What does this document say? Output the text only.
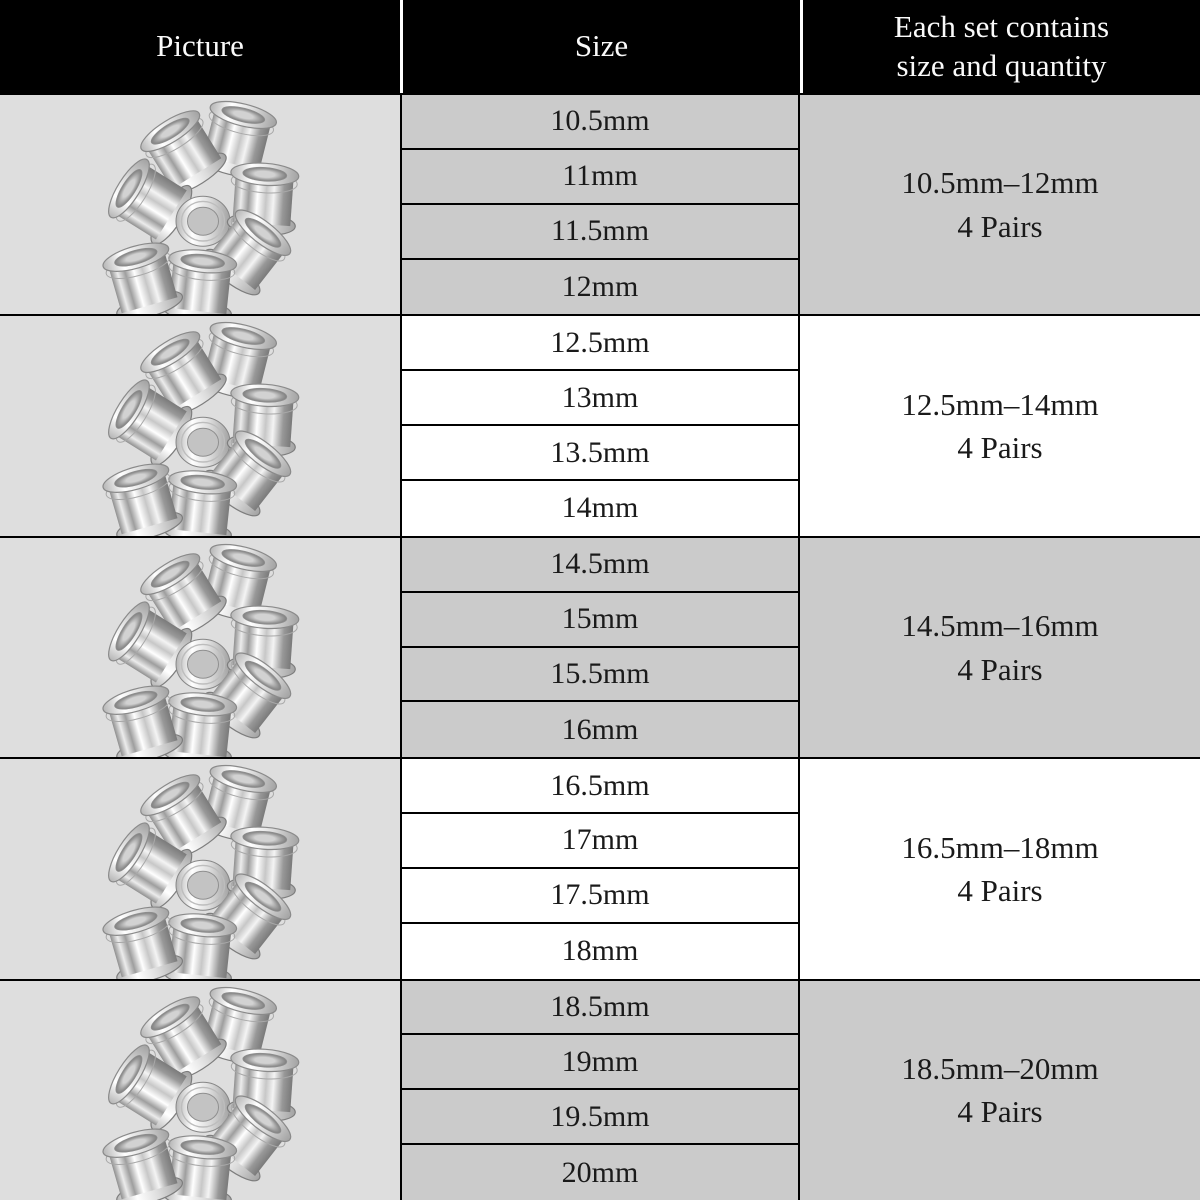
Picture	Size
Each set contains
size and quantity
10.5mm
11mm
11.5mm
12mm
10.5mm–12mm
4 Pairs
12.5mm
13mm
13.5mm
14mm
12.5mm–14mm
4 Pairs
14.5mm
15mm
15.5mm
16mm
14.5mm–16mm
4 Pairs
16.5mm
17mm
17.5mm
18mm
16.5mm–18mm
4 Pairs
18.5mm
19mm
19.5mm
20mm
18.5mm–20mm
4 Pairs
